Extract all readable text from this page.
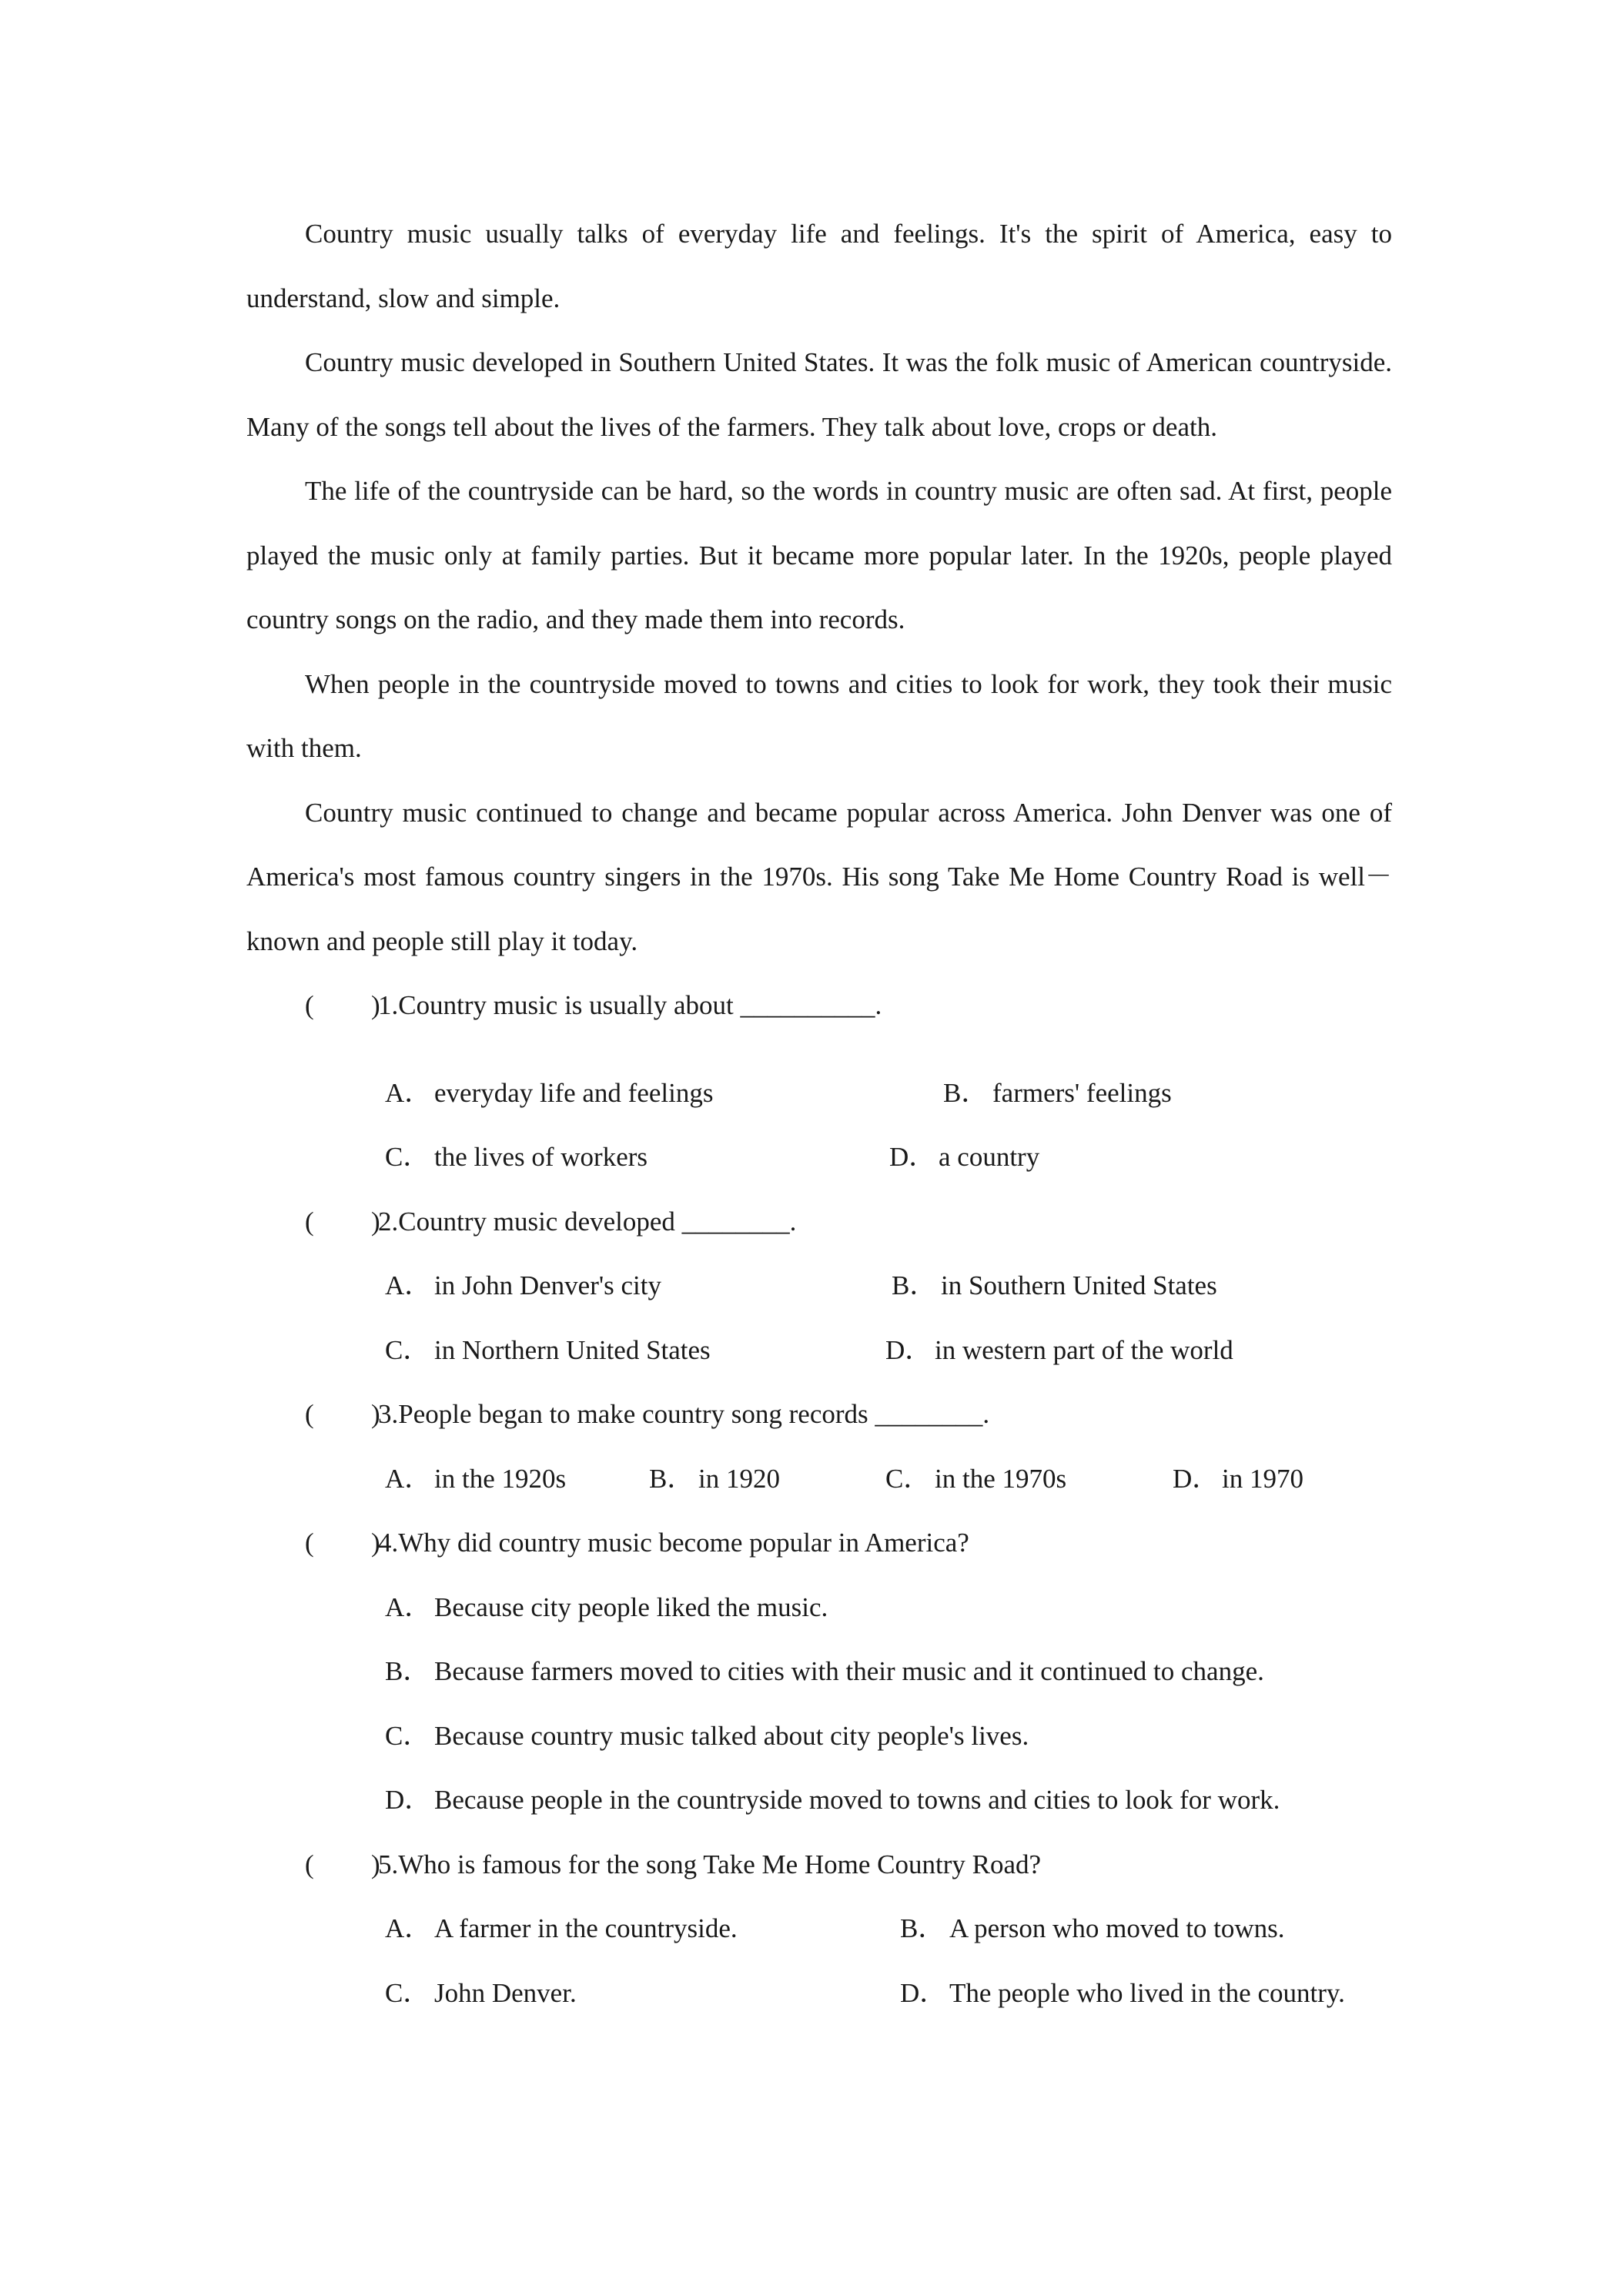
Country music usually talks of everyday life and feelings. It's the spirit of America, easy to understand, slow and simple.

Country music developed in Southern United States. It was the folk music of American countryside. Many of the songs tell about the lives of the farmers. They talk about love, crops or death.

The life of the countryside can be hard, so the words in country music are often sad. At first, people played the music only at family parties. But it became more popular later. In the 1920s, people played country songs on the radio, and they made them into records.

When people in the countryside moved to towns and cities to look for work, they took their music with them.

Country music continued to change and became popular across America. John Denver was one of America's most famous country singers in the 1970s. His song Take Me Home Country Road is well－known and people still play it today.

( )
1.Country music is usually about __________.
A． everyday life and feelings	B． farmers' feelings
C． the lives of workers	D． a country
( )
2.Country music developed ________.
A． in John Denver's city	B． in Southern United States
C． in Northern United States	D． in western part of the world
( )
3.People began to make country song records ________.
A． in the 1920s	B． in 1920	C． in the 1970s	D． in 1970
( )
4.Why did country music become popular in America?
A． Because city people liked the music.
B． Because farmers moved to cities with their music and it continued to change.
C． Because country music talked about city people's lives.
D． Because people in the countryside moved to towns and cities to look for work.
( )
5.Who is famous for the song Take Me Home Country Road?
A． A farmer in the countryside.	B． A person who moved to towns.
C． John Denver.	D． The people who lived in the country.
